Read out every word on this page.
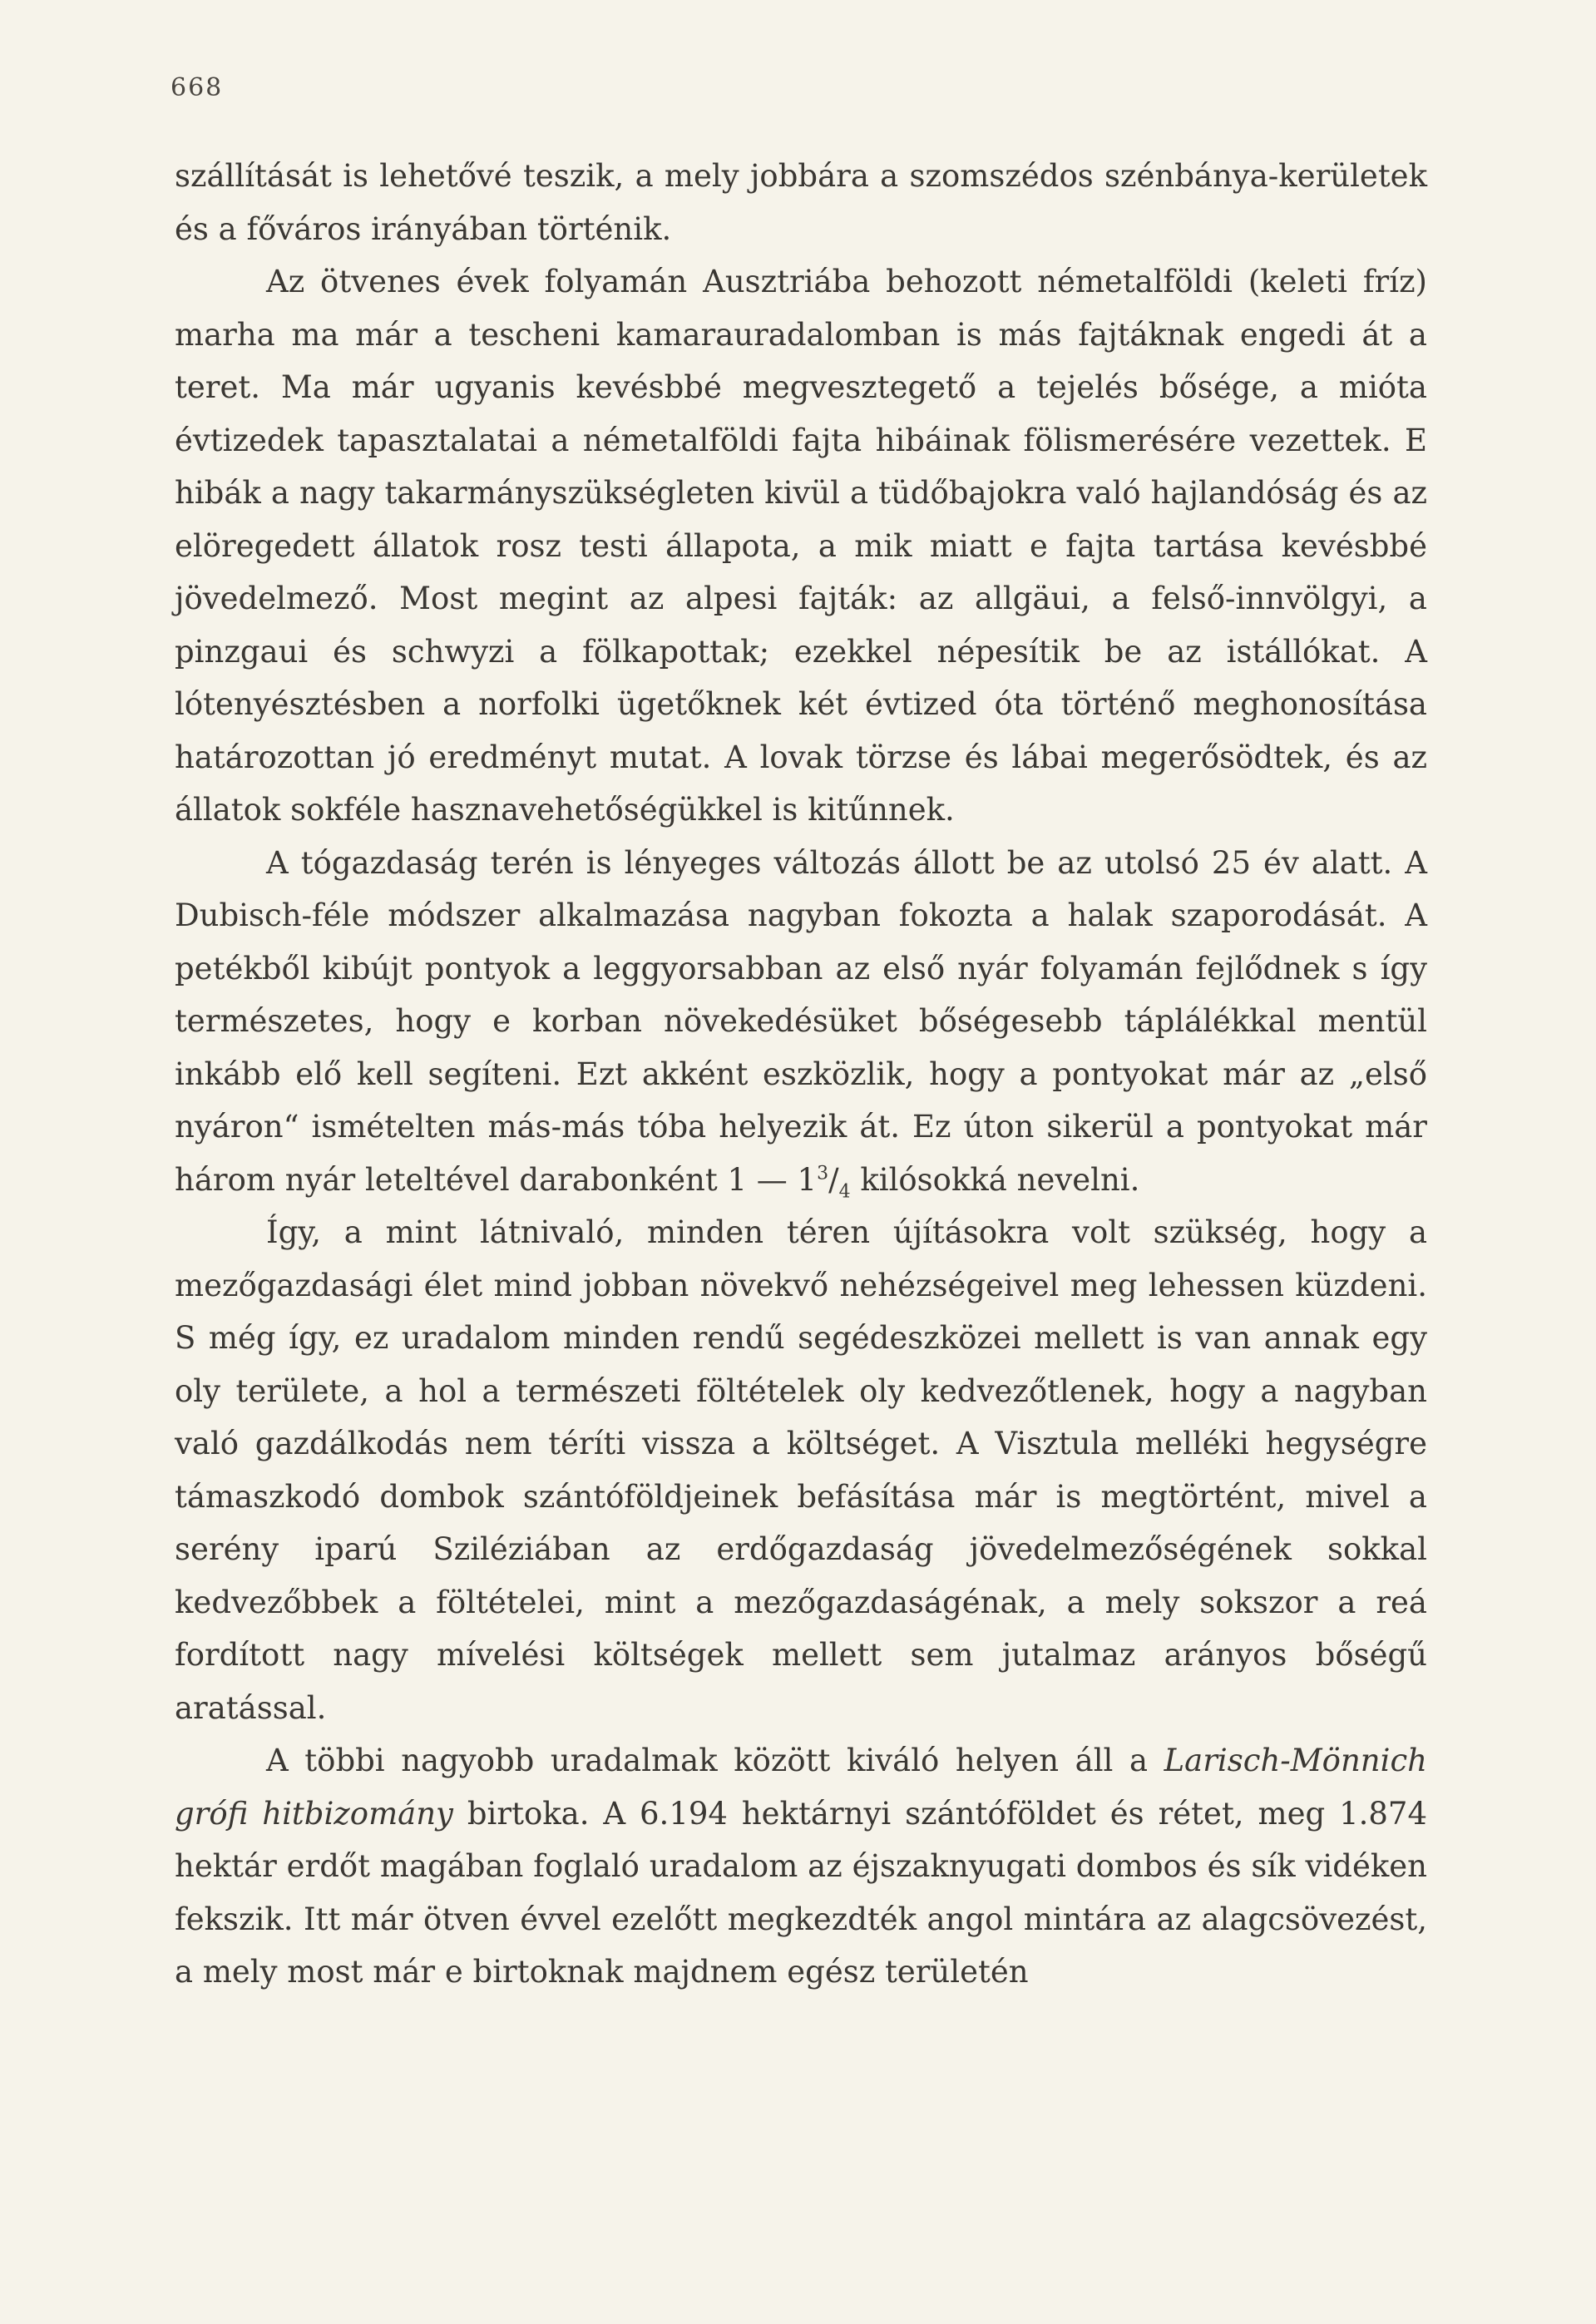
668

szállítását is lehetővé teszik, a mely jobbára a szomszédos szénbánya-kerületek és a főváros irányában történik.

Az ötvenes évek folyamán Ausztriába behozott németalföldi (keleti fríz) marha ma már a tescheni kamarauradalomban is más fajtáknak engedi át a teret. Ma már ugyanis kevésbbé megvesztegető a tejelés bősége, a mióta évtizedek tapasztalatai a németalföldi fajta hibáinak fölismerésére vezettek. E hibák a nagy takarmányszükségleten kivül a tüdőbajokra való hajlandóság és az elöregedett állatok rosz testi állapota, a mik miatt e fajta tartása kevésbbé jövedelmező. Most megint az alpesi fajták: az allgäui, a felső-innvölgyi, a pinzgaui és schwyzi a fölkapottak; ezekkel népesítik be az istállókat. A lótenyésztésben a norfolki ügetőknek két évtized óta történő meghonosítása határozottan jó eredményt mutat. A lovak törzse és lábai megerősödtek, és az állatok sokféle hasznavehetőségükkel is kitűnnek.

A tógazdaság terén is lényeges változás állott be az utolsó 25 év alatt. A Dubisch-féle módszer alkalmazása nagyban fokozta a halak szaporodását. A petékből kibújt pontyok a leggyorsabban az első nyár folyamán fejlődnek s így természetes, hogy e korban növekedésüket bőségesebb táplálékkal mentül inkább elő kell segíteni. Ezt akként eszközlik, hogy a pontyokat már az „első nyáron“ ismételten más-más tóba helyezik át. Ez úton sikerül a pontyokat már három nyár leteltével darabonként 1 — $1^3/_4$ kilósokká nevelni.

Így, a mint látnivaló, minden téren újításokra volt szükség, hogy a mezőgazdasági élet mind jobban növekvő nehézségeivel meg lehessen küzdeni. S még így, ez uradalom minden rendű segédeszközei mellett is van annak egy oly területe, a hol a természeti föltételek oly kedvezőtlenek, hogy a nagyban való gazdálkodás nem téríti vissza a költséget. A Visztula melléki hegységre támaszkodó dombok szántóföldjeinek befásítása már is megtörtént, mivel a serény iparú Sziléziában az erdőgazdaság jövedelmezőségének sokkal kedvezőbbek a föltételei, mint a mezőgazdaságénak, a mely sokszor a reá fordított nagy mívelési költségek mellett sem jutalmaz arányos bőségű aratással.

A többi nagyobb uradalmak között kiváló helyen áll a Larisch-Mönnich grófi hitbizomány birtoka. A 6.194 hektárnyi szántóföldet és rétet, meg 1.874 hektár erdőt magában foglaló uradalom az éjszaknyugati dombos és sík vidéken fekszik. Itt már ötven évvel ezelőtt megkezdték angol mintára az alagcsövezést, a mely most már e birtoknak majdnem egész területén
